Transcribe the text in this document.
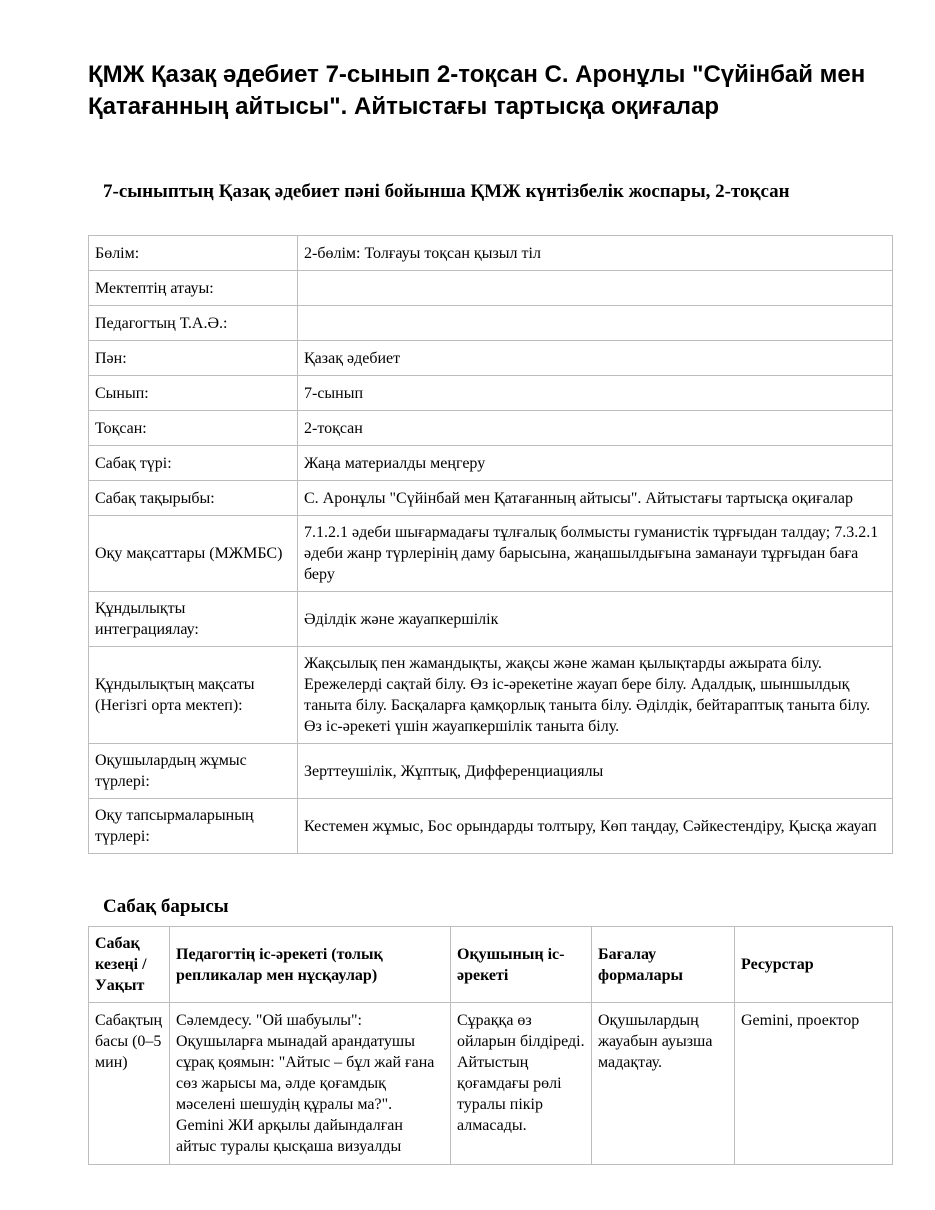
ҚМЖ Қазақ әдебиет 7-сынып 2-тоқсан С. Аронұлы "Сүйінбай мен Қатағанның айтысы". Айтыстағы тартысқа оқиғалар
7-сыныптың Қазақ әдебиет пәні бойынша ҚМЖ күнтізбелік жоспары, 2-тоқсан
Бөлім:	2-бөлім: Толғауы тоқсан қызыл тіл
Мектептің атауы:	
Педагогтың Т.А.Ә.:	
Пән:	Қазақ әдебиет
Сынып:	7-сынып
Тоқсан:	2-тоқсан
Сабақ түрі:	Жаңа материалды меңгеру
Сабақ тақырыбы:	С. Аронұлы "Сүйінбай мен Қатағанның айтысы". Айтыстағы тартысқа оқиғалар
Оқу мақсаттары (МЖМБС)	7.1.2.1 әдеби шығармадағы тұлғалық болмысты гуманистік тұрғыдан талдау; 7.3.2.1 әдеби жанр түрлерінің даму барысына, жаңашылдығына заманауи тұрғыдан баға беру
Құндылықты интеграциялау:	Әділдік және жауапкершілік
Құндылықтың мақсаты (Негізгі орта мектеп):	Жақсылық пен жамандықты, жақсы және жаман қылықтарды ажырата білу. Ережелерді сақтай білу. Өз іс-әрекетіне жауап бере білу. Адалдық, шыншылдық таныта білу. Басқаларға қамқорлық таныта білу. Әділдік, бейтараптық таныта білу. Өз іс-әрекеті үшін жауапкершілік таныта білу.
Оқушылардың жұмыс түрлері:	Зерттеушілік, Жұптық, Дифференциациялы
Оқу тапсырмаларының түрлері:	Кестемен жұмыс, Бос орындарды толтыру, Көп таңдау, Сәйкестендіру, Қысқа жауап
Сабақ барысы
Сабақ кезеңі / Уақыт	Педагогтің іс-әрекеті (толық репликалар мен нұсқаулар)	Оқушының іс-әрекеті	Бағалау формалары	Ресурстар
Сабақтың басы (0–5 мин)	Сәлемдесу. "Ой шабуылы": Оқушыларға мынадай арандатушы сұрақ қоямын: "Айтыс – бұл жай ғана сөз жарысы ма, әлде қоғамдық мәселені шешудің құралы ма?". Gemini ЖИ арқылы дайындалған айтыс туралы қысқаша визуалды	Сұраққа өз ойларын білдіреді. Айтыстың қоғамдағы рөлі туралы пікір алмасады.	Оқушылардың жауабын ауызша мадақтау.	Gemini, проектор
